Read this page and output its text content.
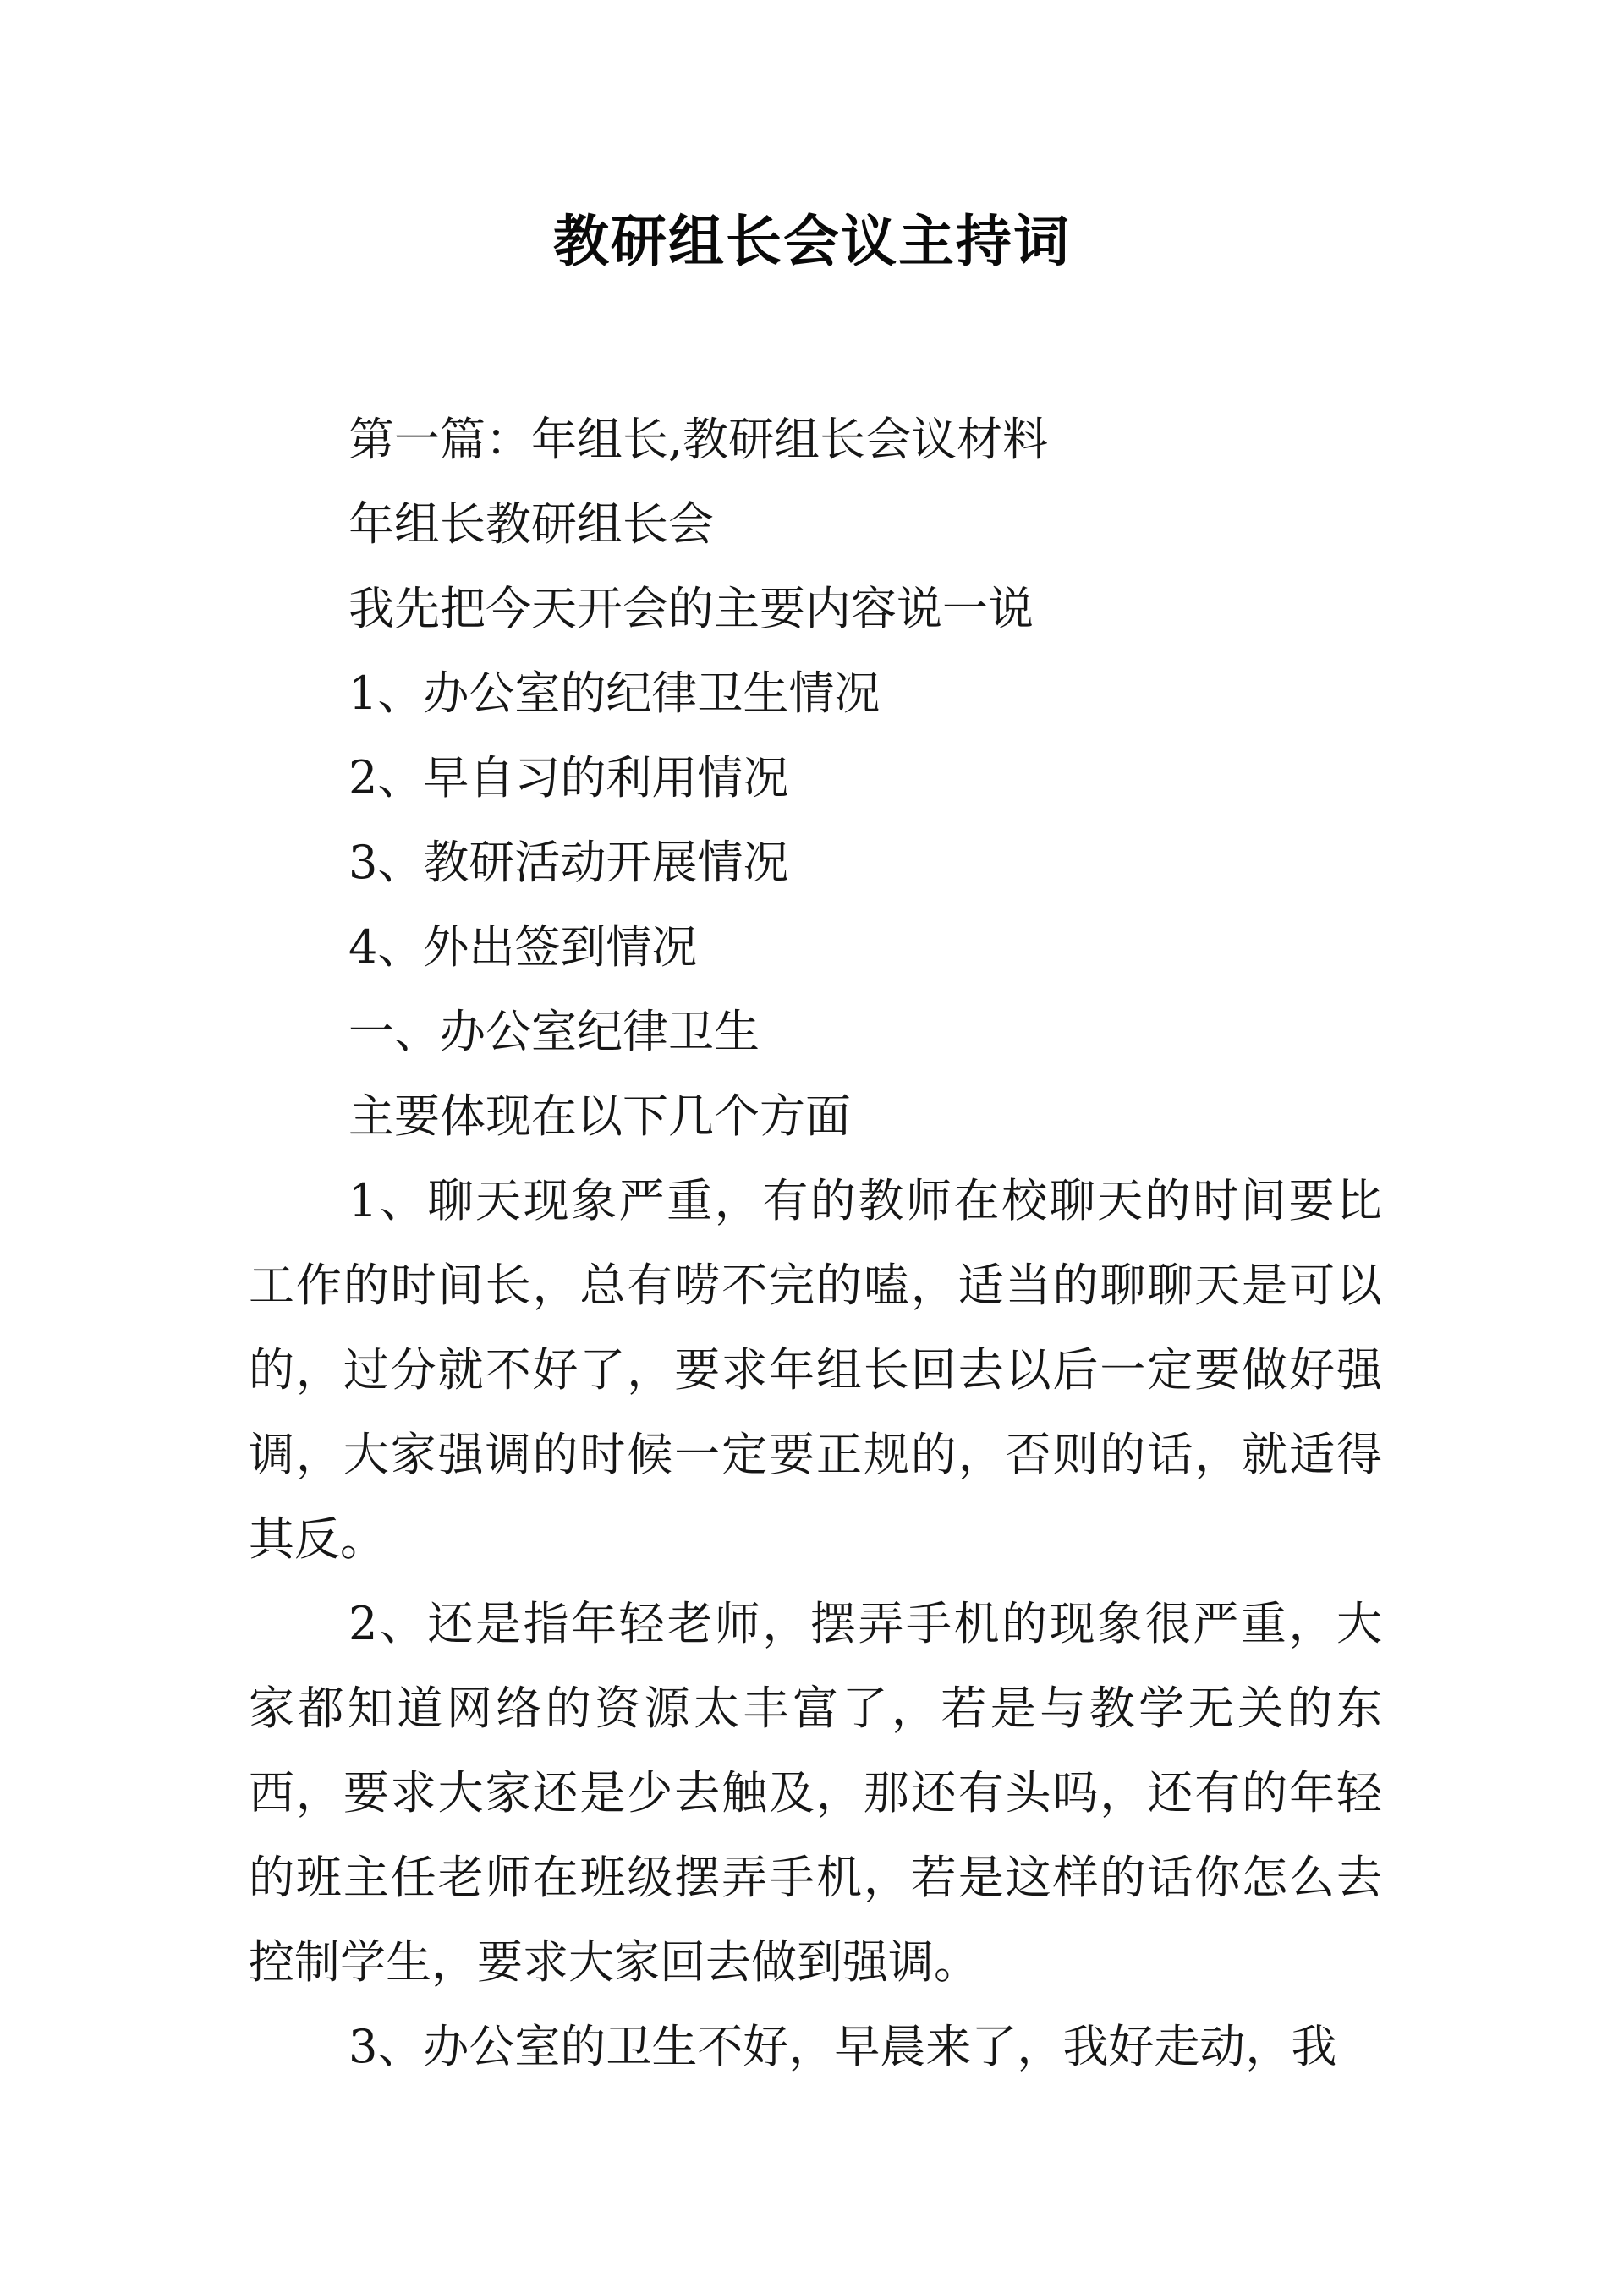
教研组长会议主持词
第一篇：年组长,教研组长会议材料
年组长教研组长会
我先把今天开会的主要内容说一说
1、办公室的纪律卫生情况
2、早自习的利用情况
3、教研活动开展情况
4、外出签到情况
一、办公室纪律卫生
主要体现在以下几个方面

1、聊天现象严重，有的教师在校聊天的时间要比工作的时间长，总有唠不完的嗑，适当的聊聊天是可以的，过分就不好了，要求年组长回去以后一定要做好强调，大家强调的时候一定要正规的，否则的话，就适得其反。

2、还是指年轻老师，摆弄手机的现象很严重，大家都知道网络的资源太丰富了，若是与教学无关的东西，要求大家还是少去触及，那还有头吗，还有的年轻的班主任老师在班级摆弄手机，若是这样的话你怎么去控制学生，要求大家回去做到强调。

3、办公室的卫生不好，早晨来了，我好走动，我
